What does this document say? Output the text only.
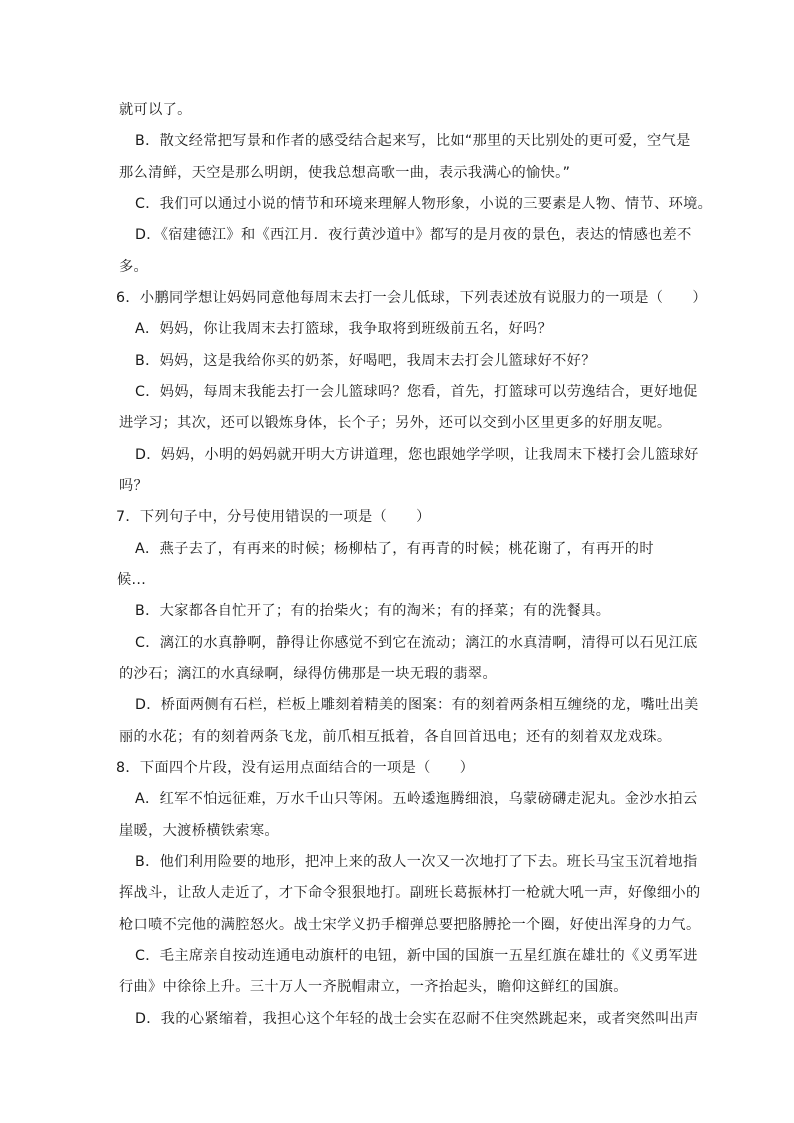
就可以了。
B．散文经常把写景和作者的感受结合起来写，比如“那里的天比别处的更可爱，空气是
那么清鲜，天空是那么明朗，使我总想高歌一曲，表示我满心的愉快。”
C．我们可以通过小说的情节和环境来理解人物形象，小说的三要素是人物、情节、环境。
D．《宿建德江》和《西江月．夜行黄沙道中》都写的是月夜的景色，表达的情感也差不
多。
6．小鹏同学想让妈妈同意他每周末去打一会儿低球，下列表述放有说服力的一项是（　　）
A．妈妈，你让我周末去打篮球，我争取将到班级前五名，好吗？
B．妈妈，这是我给你买的奶茶，好喝吧，我周末去打会儿篮球好不好？
C．妈妈，每周末我能去打一会儿篮球吗？您看，首先，打篮球可以劳逸结合，更好地促
进学习；其次，还可以锻炼身体，长个子；另外，还可以交到小区里更多的好朋友呢。
D．妈妈，小明的妈妈就开明大方讲道理，您也跟她学学呗，让我周末下楼打会儿篮球好
吗？
7．下列句子中，分号使用错误的一项是（　　）
A．燕子去了，有再来的时候；杨柳枯了，有再青的时候；桃花谢了，有再开的时
候...
B．大家都各自忙开了；有的抬柴火；有的淘米；有的择菜；有的洗餐具。
C．漓江的水真静啊，静得让你感觉不到它在流动；漓江的水真清啊，清得可以石见江底
的沙石；漓江的水真绿啊，绿得仿佛那是一块无瑕的翡翠。
D．桥面两侧有石栏，栏板上雕刻着精美的图案：有的刻着两条相互缠绕的龙，嘴吐出美
丽的水花；有的刻着两条飞龙，前爪相互抵着，各自回首迅电；还有的刻着双龙戏珠。
8．下面四个片段，没有运用点面结合的一项是（　　）
A．红军不怕远征难，万水千山只等闲。五岭逶迤腾细浪，乌蒙磅礴走泥丸。金沙水拍云
崖暖，大渡桥横铁索寒。
B．他们利用险要的地形，把冲上来的敌人一次又一次地打了下去。班长马宝玉沉着地指
挥战斗，让敌人走近了，才下命令狠狠地打。副班长葛振林打一枪就大吼一声，好像细小的
枪口喷不完他的满腔怒火。战士宋学义扔手榴弹总要把胳膊抡一个圈，好使出浑身的力气。
C．毛主席亲自按动连通电动旗杆的电钮，新中国的国旗一五星红旗在雄壮的《义勇军进
行曲》中徐徐上升。三十万人一齐脱帽肃立，一齐抬起头，瞻仰这鲜红的国旗。
D．我的心紧缩着，我担心这个年轻的战士会实在忍耐不住突然跳起来，或者突然叫出声
